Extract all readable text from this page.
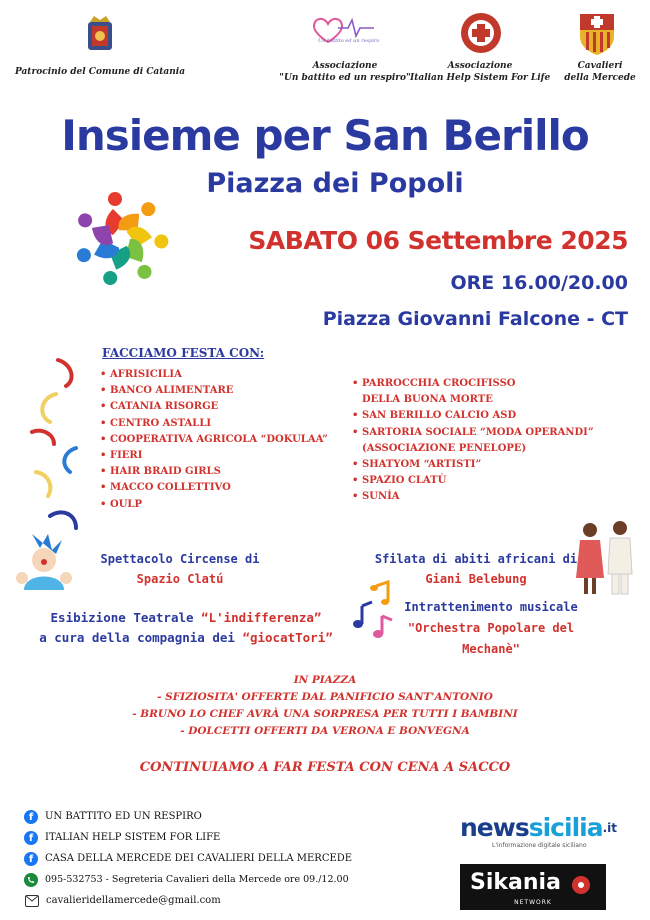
Patrocinio del Comune di Catania
Un battito ed un respiro
Associazione
"Un battito ed un respiro"
Associazione
Italian Help Sistem For Life
Cavalieri
della Mercede
Insieme per San Berillo
Piazza dei Popoli
SABATO 06 Settembre 2025
ORE 16.00/20.00
Piazza Giovanni Falcone - CT
FACCIAMO FESTA CON:
• AFRISICILIA
• BANCO ALIMENTARE
• CATANIA RISORGE
• CENTRO ASTALLI
• COOPERATIVA AGRICOLA “DOKULAA”
• FIERI
• HAIR BRAID GIRLS
• MACCO COLLETTIVO
• OULP
• PARROCCHIA CROCIFISSO
DELLA BUONA MORTE
• SAN BERILLO CALCIO ASD
• SARTORIA SOCIALE “MODA OPERANDI”
(ASSOCIAZIONE PENELOPE)
• SHATYOM “ARTISTI”
• SPAZIO CLATÙ
• SUNÍA
Spettacolo Circense di
Spazio Clatú
Sfilata di abiti africani di
Giani Belebung
Esibizione Teatrale “L'indifferenza”
a cura della compagnia dei “giocatTori”
Intrattenimento musicale
"Orchestra Popolare del
Mechanè"
IN PIAZZA
- SFIZIOSITA' OFFERTE DAL PANIFICIO SANT'ANTONIO
- BRUNO LO CHEF AVRÀ UNA SORPRESA PER TUTTI I BAMBINI
- DOLCETTI OFFERTI DA VERONA E BONVEGNA
CONTINUIAMO A FAR FESTA CON CENA A SACCO
f	UN BATTITO ED UN RESPIRO
f	ITALIAN HELP SISTEM FOR LIFE
f	CASA DELLA MERCEDE DEI CAVALIERI DELLA MERCEDE
095-532753 - Segreteria Cavalieri della Mercede ore 09./12.00
cavalieridellamercede@gmail.com
newssicilia$^{.it}$
L'informazione digitale siciliano
Sikania
NETWORK
